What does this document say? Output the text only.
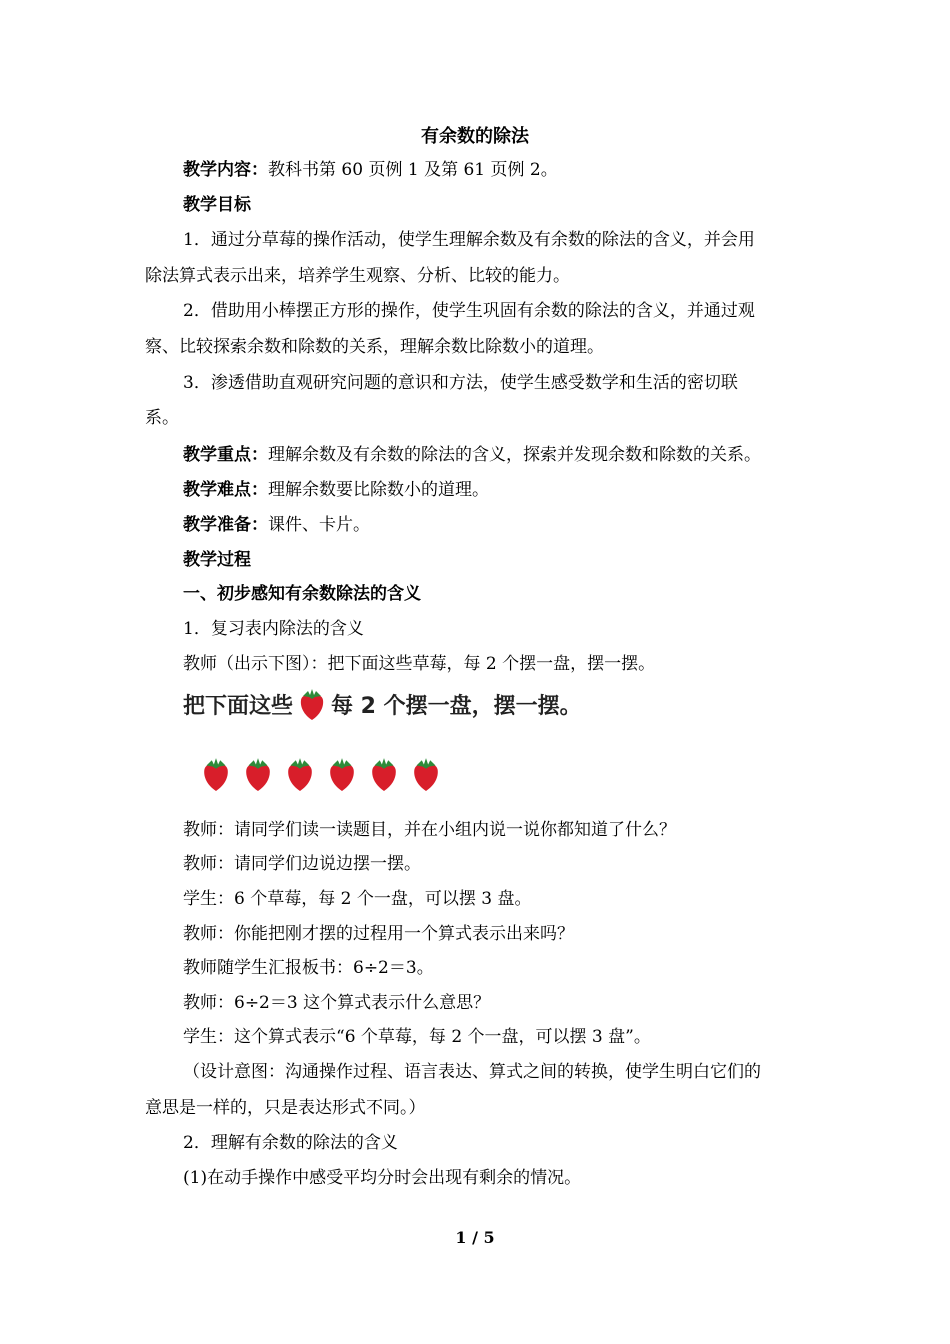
有余数的除法
教学内容：教科书第 60 页例 1 及第 61 页例 2。
教学目标
1．通过分草莓的操作活动，使学生理解余数及有余数的除法的含义，并会用
除法算式表示出来，培养学生观察、分析、比较的能力。
2．借助用小棒摆正方形的操作，使学生巩固有余数的除法的含义，并通过观
察、比较探索余数和除数的关系，理解余数比除数小的道理。
3．渗透借助直观研究问题的意识和方法，使学生感受数学和生活的密切联
系。
教学重点：理解余数及有余数的除法的含义，探索并发现余数和除数的关系。
教学难点：理解余数要比除数小的道理。
教学准备：课件、卡片。
教学过程
一、初步感知有余数除法的含义
1．复习表内除法的含义
教师（出示下图）：把下面这些草莓，每 2 个摆一盘，摆一摆。
把下面这些 每 2 个摆一盘，摆一摆。
教师：请同学们读一读题目，并在小组内说一说你都知道了什么？
教师：请同学们边说边摆一摆。
学生：6 个草莓，每 2 个一盘，可以摆 3 盘。
教师：你能把刚才摆的过程用一个算式表示出来吗？
教师随学生汇报板书：6÷2＝3。
教师：6÷2＝3 这个算式表示什么意思？
学生：这个算式表示“6 个草莓，每 2 个一盘，可以摆 3 盘”。
（设计意图：沟通操作过程、语言表达、算式之间的转换，使学生明白它们的
意思是一样的，只是表达形式不同。）
2．理解有余数的除法的含义
(1)在动手操作中感受平均分时会出现有剩余的情况。
1 / 5
